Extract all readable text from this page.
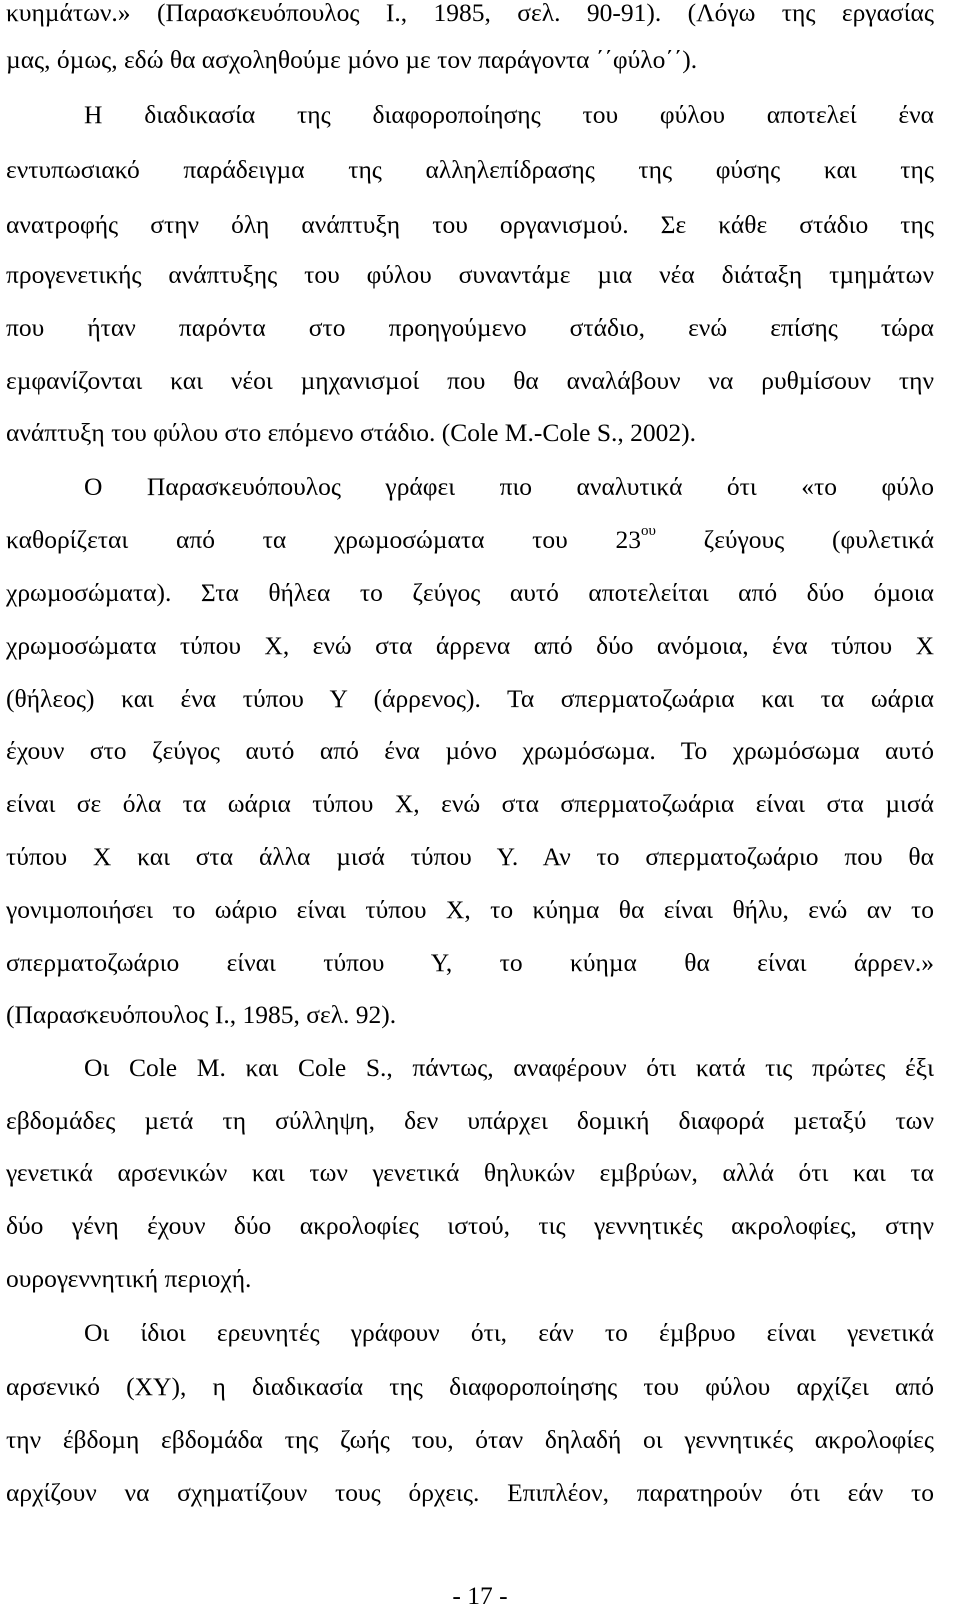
κυηµάτων.» (Παρασκευόπουλος Ι., 1985, σελ. 90-91). (Λόγω της εργασίας
µας, όµως, εδώ θα ασχοληθούµε µόνο µε τον παράγοντα ΄΄φύλο΄΄).
Η διαδικασία της διαφοροποίησης του φύλου αποτελεί ένα
εντυπωσιακό παράδειγµα της αλληλεπίδρασης της φύσης και της
ανατροφής στην όλη ανάπτυξη του οργανισµού. Σε κάθε στάδιο της
προγενετικής ανάπτυξης του φύλου συναντάµε µια νέα διάταξη τµηµάτων
που ήταν παρόντα στο προηγούµενο στάδιο, ενώ επίσης τώρα
εµφανίζονται και νέοι µηχανισµοί που θα αναλάβουν να ρυθµίσουν την
ανάπτυξη του φύλου στο επόµενο στάδιο. (Cole M.-Cole S., 2002).
Ο Παρασκευόπουλος γράφει πιο αναλυτικά ότι «το φύλο
καθορίζεται από τα χρωµοσώµατα του $23^{o\upsilon}$ ζεύγους (φυλετικά
χρωµοσώµατα). Στα θήλεα το ζεύγος αυτό αποτελείται από δύο όµοια
χρωµοσώµατα τύπου Χ, ενώ στα άρρενα από δύο ανόµοια, ένα τύπου Χ
(θήλεος) και ένα τύπου Υ (άρρενος). Τα σπερµατοζωάρια και τα ωάρια
έχουν στο ζεύγος αυτό από ένα µόνο χρωµόσωµα. Το χρωµόσωµα αυτό
είναι σε όλα τα ωάρια τύπου Χ, ενώ στα σπερµατοζωάρια είναι στα µισά
τύπου Χ και στα άλλα µισά τύπου Υ. Αν το σπερµατοζωάριο που θα
γονιµοποιήσει το ωάριο είναι τύπου Χ, το κύηµα θα είναι θήλυ, ενώ αν το
σπερµατοζωάριο είναι τύπου Υ, το κύηµα θα είναι άρρεν.»
(Παρασκευόπουλος Ι., 1985, σελ. 92).
Οι Cole M. και Cole S., πάντως, αναφέρουν ότι κατά τις πρώτες έξι
εβδοµάδες µετά τη σύλληψη, δεν υπάρχει δοµική διαφορά µεταξύ των
γενετικά αρσενικών και των γενετικά θηλυκών εµβρύων, αλλά ότι και τα
δύο γένη έχουν δύο ακρολοφίες ιστού, τις γεννητικές ακρολοφίες, στην
ουρογεννητική περιοχή.
Οι ίδιοι ερευνητές γράφουν ότι, εάν το έµβρυο είναι γενετικά
αρσενικό (ΧΥ), η διαδικασία της διαφοροποίησης του φύλου αρχίζει από
την έβδοµη εβδοµάδα της ζωής του, όταν δηλαδή οι γεννητικές ακρολοφίες
αρχίζουν να σχηµατίζουν τους όρχεις. Επιπλέον, παρατηρούν ότι εάν το
- 17 -
